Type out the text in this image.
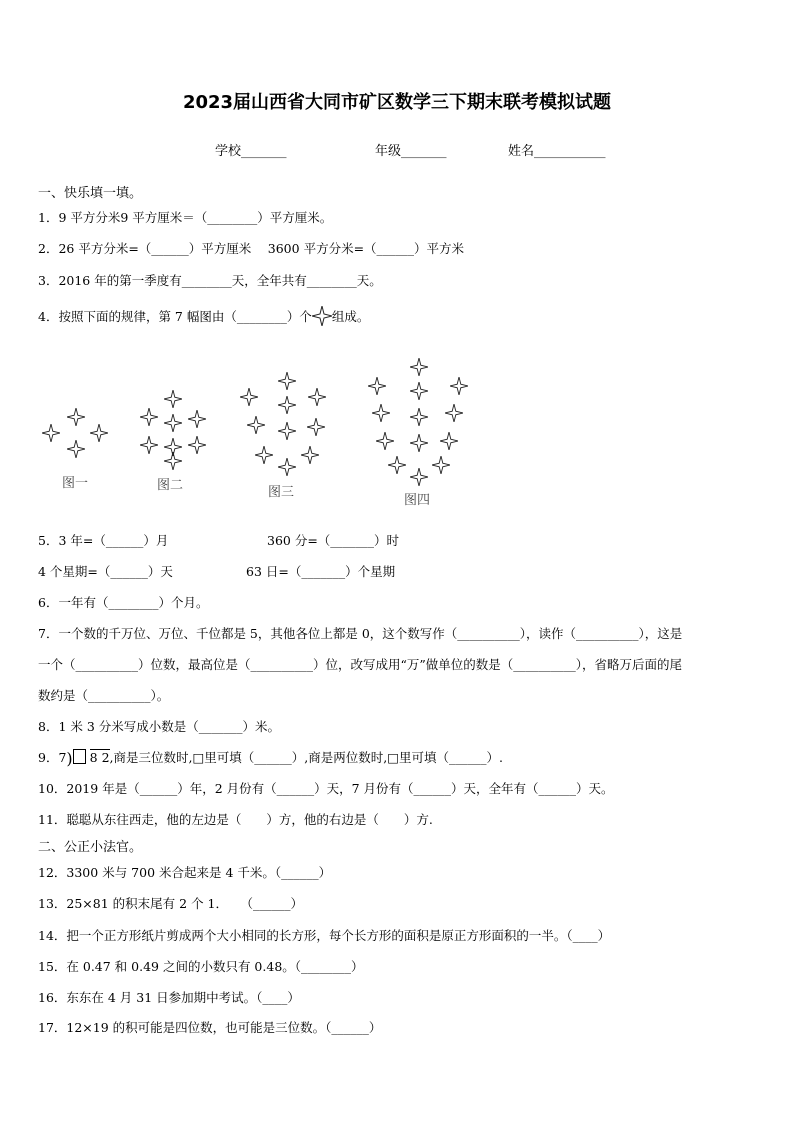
2023届山西省大同市矿区数学三下期末联考模拟试题
学校_______	年级_______	姓名___________
一、快乐填一填。
1．9 平方分米9 平方厘米＝（________）平方厘米。
2．26 平方分米=（______）平方厘米　 3600 平方分米=（______）平方米
3．2016 年的第一季度有________天，全年共有________天。
4．按照下面的规律，第 7 幅图由（________）个 组成。
图一	图二	图三
图四
5．3 年=（______）月	360 分=（_______）时
4 个星期=（______）天	63 日=（_______）个星期
6．一年有（________）个月。
7．一个数的千万位、万位、千位都是 5，其他各位上都是 0，这个数写作（__________），读作（__________），这是
一个（__________）位数，最高位是（__________）位，改写成用“万”做单位的数是（__________），省略万后面的尾
数约是（__________）。
8．1 米 3 分米写成小数是（_______）米。
9．7) 8 2,商是三位数时,□里可填（______）,商是两位数时,□里可填（______）.
10．2019 年是（______）年，2 月份有（______）天，7 月份有（______）天，全年有（______）天。
11．聪聪从东往西走，他的左边是（　　）方，他的右边是（　　）方.
二、公正小法官。
12．3300 米与 700 米合起来是 4 千米。（______）
13．25×81 的积末尾有 2 个 1．　　（______）
14．把一个正方形纸片剪成两个大小相同的长方形，每个长方形的面积是原正方形面积的一半。（____）
15．在 0.47 和 0.49 之间的小数只有 0.48。（________）
16．东东在 4 月 31 日参加期中考试。（____）
17．12×19 的积可能是四位数，也可能是三位数。（______）
